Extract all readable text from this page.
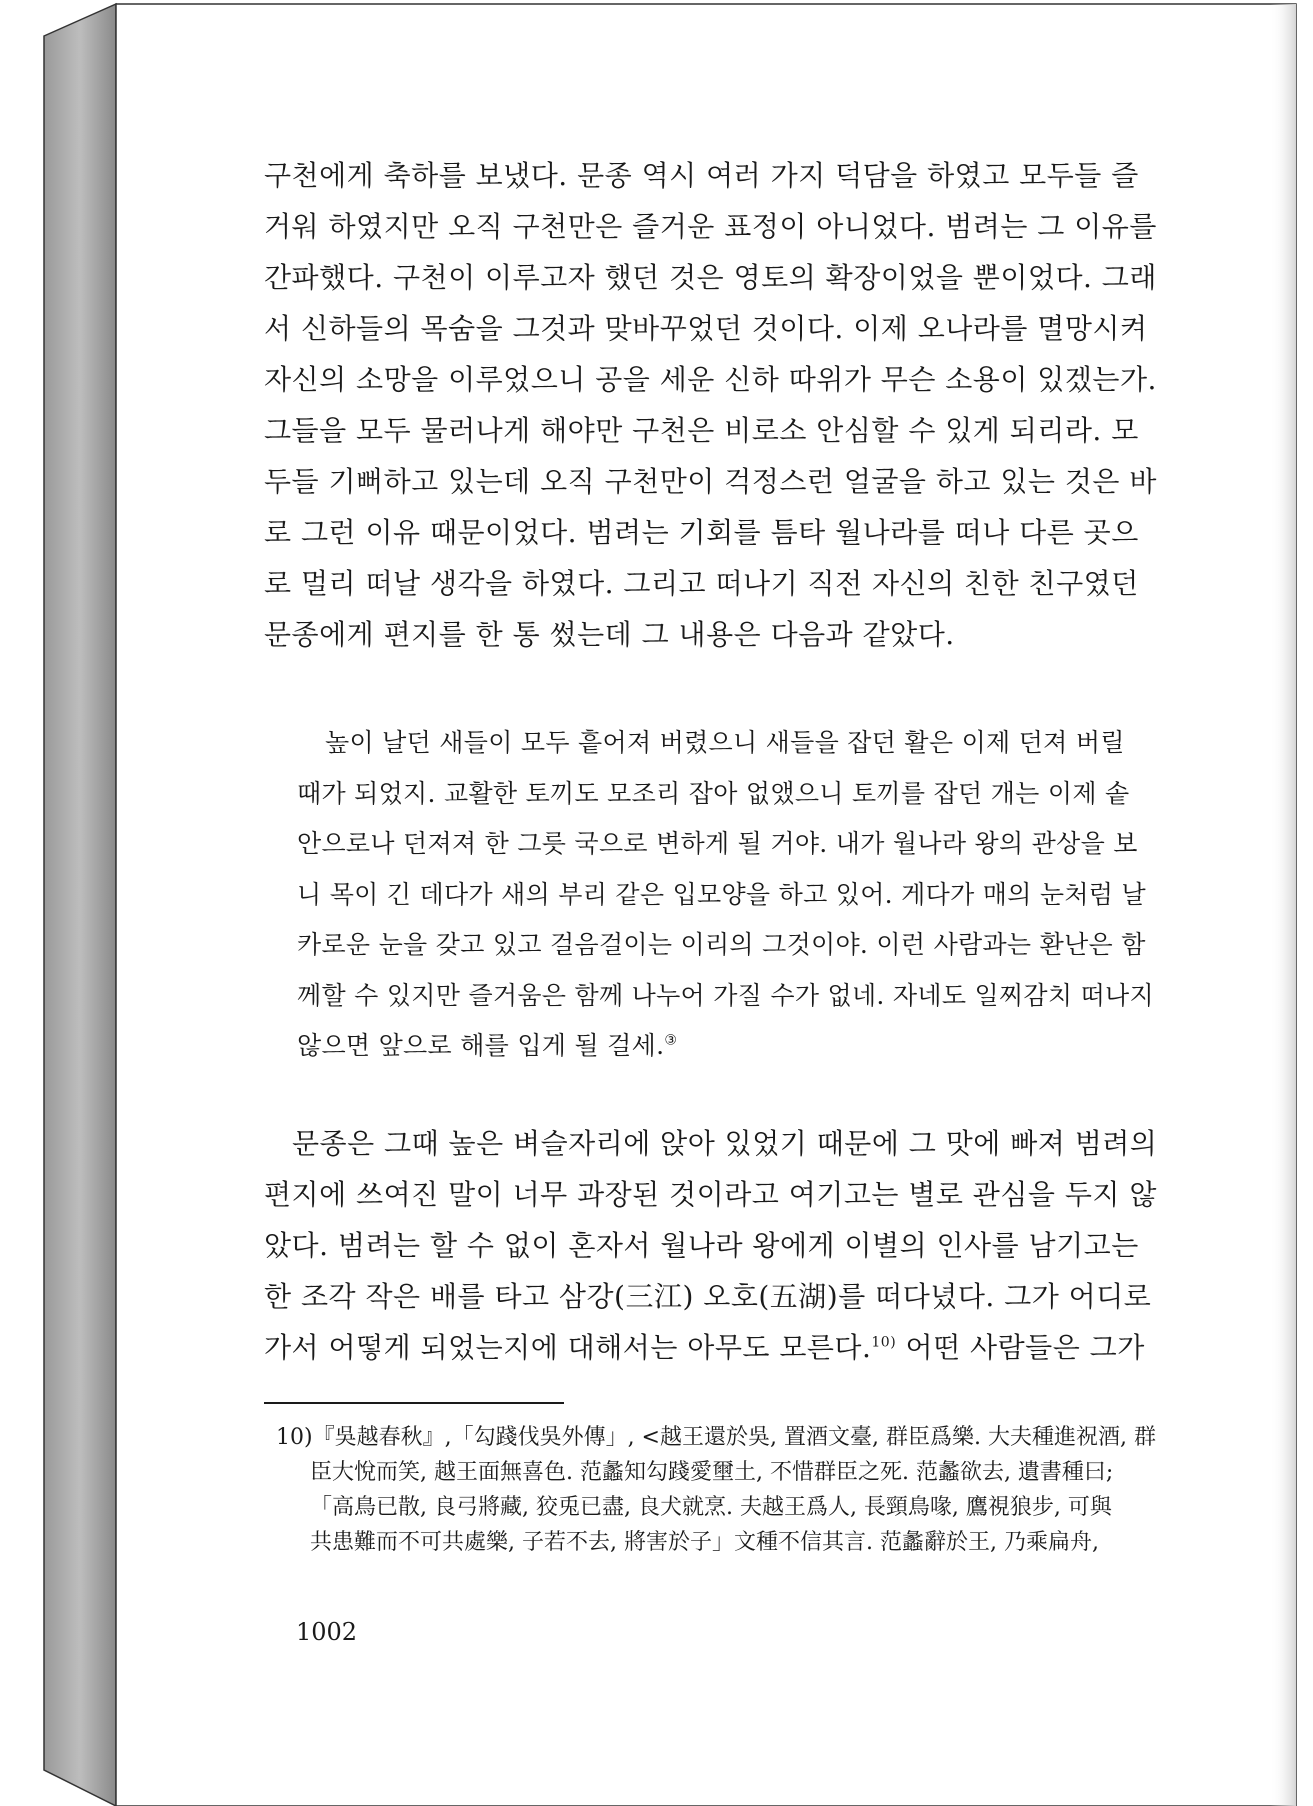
구천에게 축하를 보냈다. 문종 역시 여러 가지 덕담을 하였고 모두들 즐

거워 하였지만 오직 구천만은 즐거운 표정이 아니었다. 범려는 그 이유를

간파했다. 구천이 이루고자 했던 것은 영토의 확장이었을 뿐이었다. 그래

서 신하들의 목숨을 그것과 맞바꾸었던 것이다. 이제 오나라를 멸망시켜

자신의 소망을 이루었으니 공을 세운 신하 따위가 무슨 소용이 있겠는가.

그들을 모두 물러나게 해야만 구천은 비로소 안심할 수 있게 되리라. 모

두들 기뻐하고 있는데 오직 구천만이 걱정스런 얼굴을 하고 있는 것은 바

로 그런 이유 때문이었다. 범려는 기회를 틈타 월나라를 떠나 다른 곳으

로 멀리 떠날 생각을 하였다. 그리고 떠나기 직전 자신의 친한 친구였던

문종에게 편지를 한 통 썼는데 그 내용은 다음과 같았다.

높이 날던 새들이 모두 흩어져 버렸으니 새들을 잡던 활은 이제 던져 버릴

때가 되었지. 교활한 토끼도 모조리 잡아 없앴으니 토끼를 잡던 개는 이제 솥

안으로나 던져져 한 그릇 국으로 변하게 될 거야. 내가 월나라 왕의 관상을 보

니 목이 긴 데다가 새의 부리 같은 입모양을 하고 있어. 게다가 매의 눈처럼 날

카로운 눈을 갖고 있고 걸음걸이는 이리의 그것이야. 이런 사람과는 환난은 함

께할 수 있지만 즐거움은 함께 나누어 가질 수가 없네. 자네도 일찌감치 떠나지

않으면 앞으로 해를 입게 될 걸세.③

문종은 그때 높은 벼슬자리에 앉아 있었기 때문에 그 맛에 빠져 범려의

편지에 쓰여진 말이 너무 과장된 것이라고 여기고는 별로 관심을 두지 않

았다. 범려는 할 수 없이 혼자서 월나라 왕에게 이별의 인사를 남기고는

한 조각 작은 배를 타고 삼강(三江) 오호(五湖)를 떠다녔다. 그가 어디로

가서 어떻게 되었는지에 대해서는 아무도 모른다.$^{10)}$ 어떤 사람들은 그가

10)『吳越春秋』,「勾踐伐吳外傳」, <越王還於吳, 置酒文臺, 群臣爲樂. 大夫種進祝酒, 群

臣大悅而笑, 越王面無喜色. 范蠡知勾踐愛壐土, 不惜群臣之死. 范蠡欲去, 遺書種曰;

「高鳥已散, 良弓將藏, 狡兎已盡, 良犬就烹. 夫越王爲人, 長頸鳥喙, 鷹視狼步, 可與

共患難而不可共處樂, 子若不去, 將害於子」文種不信其言. 范蠡辭於王, 乃乘扁舟,

1002
